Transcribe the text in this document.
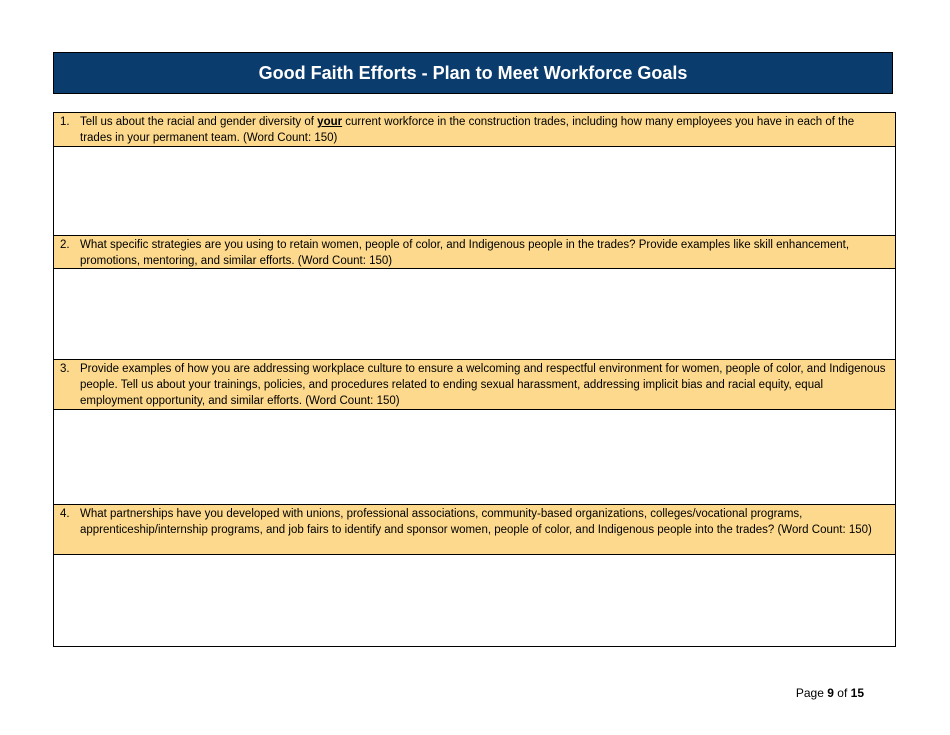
Good Faith Efforts - Plan to Meet Workforce Goals
1. Tell us about the racial and gender diversity of your current workforce in the construction trades, including how many employees you have in each of the trades in your permanent team. (Word Count: 150)
2. What specific strategies are you using to retain women, people of color, and Indigenous people in the trades? Provide examples like skill enhancement, promotions, mentoring, and similar efforts. (Word Count: 150)
3. Provide examples of how you are addressing workplace culture to ensure a welcoming and respectful environment for women, people of color, and Indigenous people. Tell us about your trainings, policies, and procedures related to ending sexual harassment, addressing implicit bias and racial equity, equal employment opportunity, and similar efforts. (Word Count: 150)
4. What partnerships have you developed with unions, professional associations, community-based organizations, colleges/vocational programs, apprenticeship/internship programs, and job fairs to identify and sponsor women, people of color, and Indigenous people into the trades? (Word Count: 150)
Page 9 of 15
